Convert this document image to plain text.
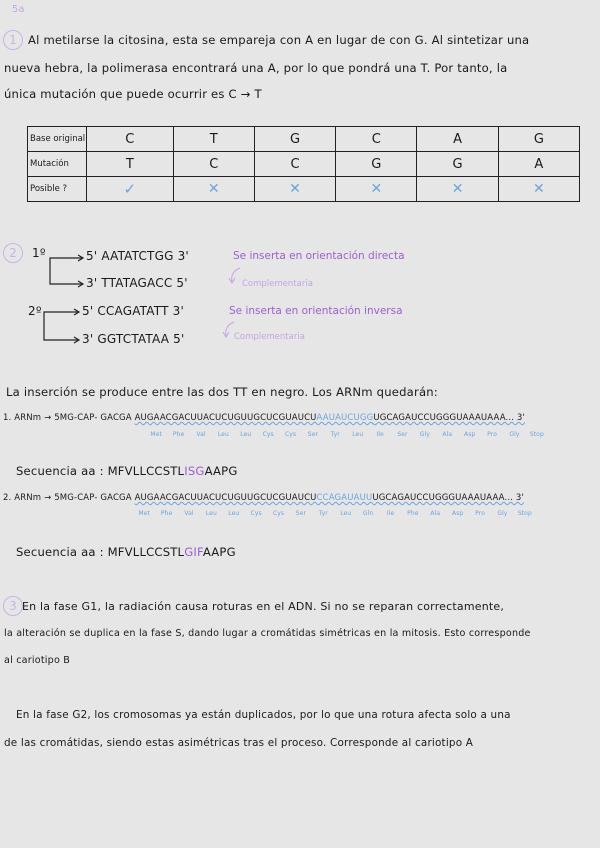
5a
1 Al metilarse la citosina, esta se empareja con A en lugar de con G. Al sintetizar una
nueva hebra, la polimerasa encontrará una A, por lo que pondrá una T. Por tanto, la
única mutación que puede ocurrir es C → T
Base original	C	T	G	C	A	G
Mutación	T	C	C	G	G	A
Posible ?	✓	✕	✕	✕	✕	✕
2	1º	5' AATATCTGG 3'
3' TTATAGACC 5'
Se inserta en orientación directa
Complementaria
2º	5' CCAGATATT 3'
3' GGTCTATAA 5'
Se inserta en orientación inversa
Complementaria
La inserción se produce entre las dos TT en negro. Los ARNm quedarán:
1. ARNm → 5MG-CAP- GACGA AUGAACGACUUACUCUGUUGCUCGUAUCUAAUAUCUGGUGCAGAUCCUGGGUAAAUAAA... 3'
Met Phe Val Leu Leu Cys Cys Ser Tyr Leu Ile Ser Gly Ala Asp Pro Gly Stop
Secuencia aa : MFVLLCCSTLISGAAPG
2. ARNm → 5MG-CAP- GACGA AUGAACGACUUACUCUGUUGCUCGUAUCUCCAGAUAUUUGCAGAUCCUGGGUAAAUAAA... 3'
Met Phe Val Leu Leu Cys Cys Ser Tyr Leu Gln Ile Phe Ala Asp Pro Gly Stop
Secuencia aa : MFVLLCCSTLGIFAAPG
3 En la fase G1, la radiación causa roturas en el ADN. Si no se reparan correctamente,
la alteración se duplica en la fase S, dando lugar a cromátidas simétricas en la mitosis. Esto corresponde
al cariotipo B
En la fase G2, los cromosomas ya están duplicados, por lo que una rotura afecta solo a una
de las cromátidas, siendo estas asimétricas tras el proceso. Corresponde al cariotipo A
